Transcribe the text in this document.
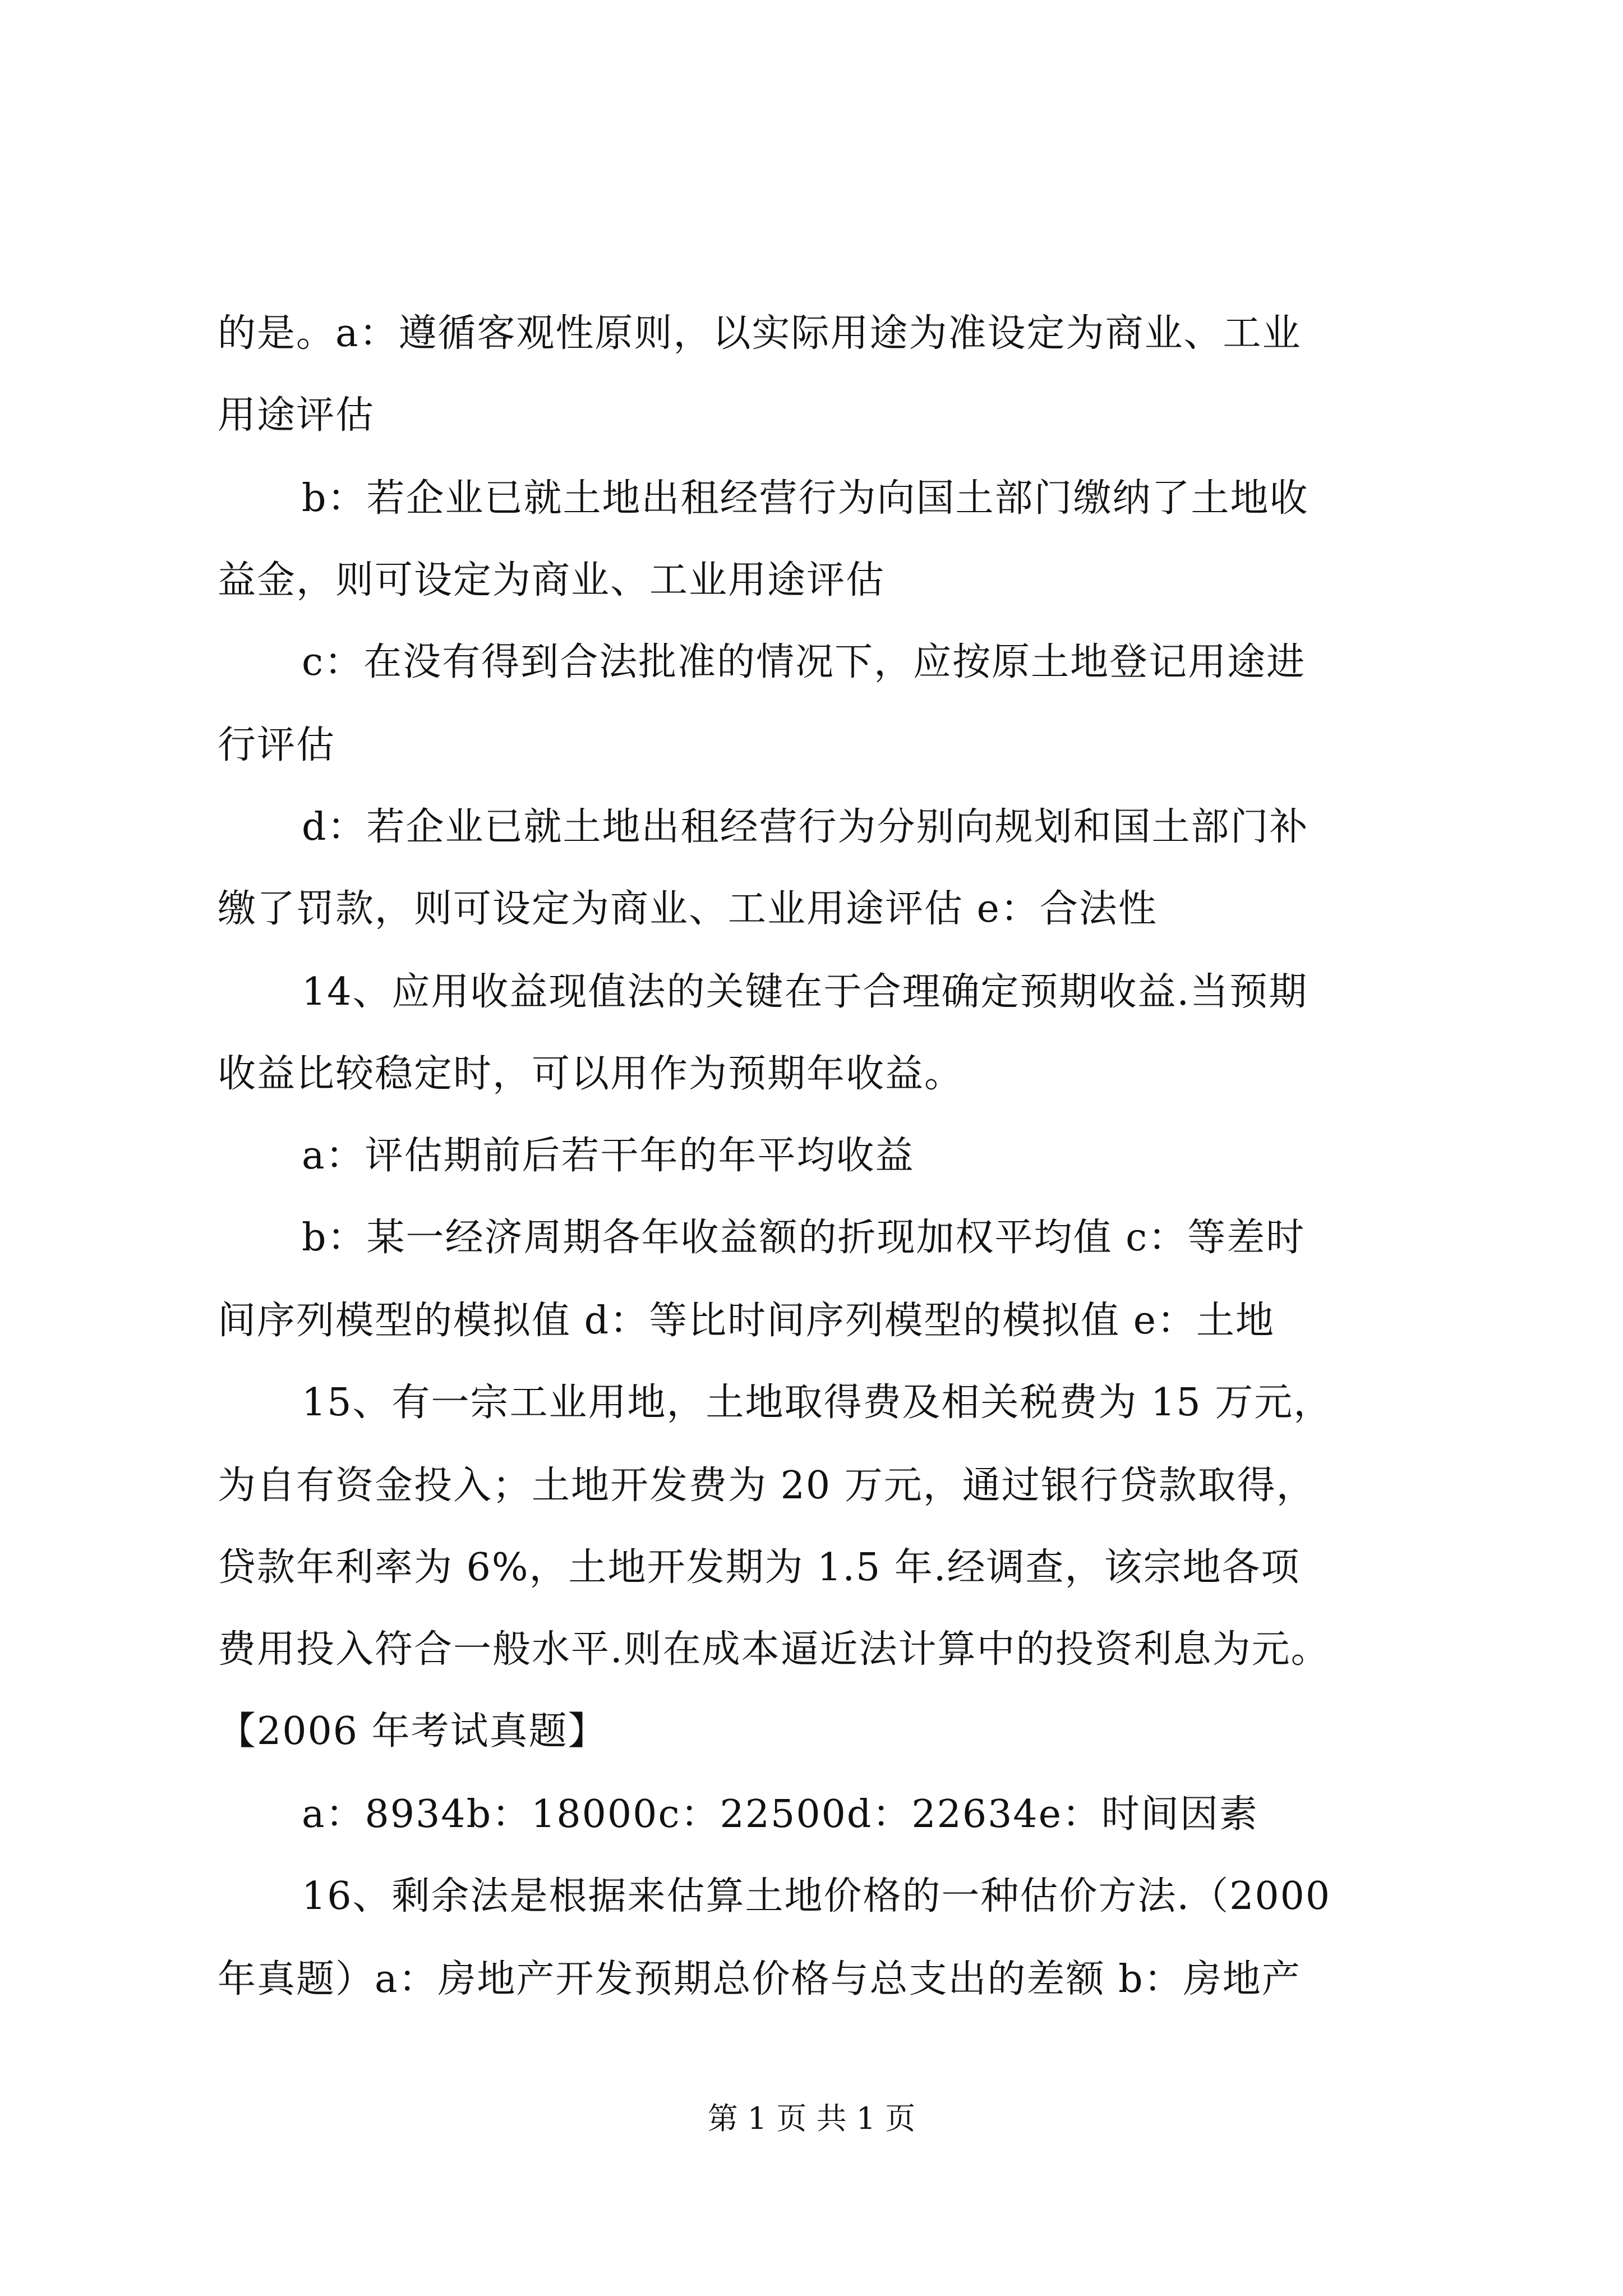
的是。a：遵循客观性原则，以实际用途为准设定为商业、工业
用途评估
b：若企业已就土地出租经营行为向国土部门缴纳了土地收
益金，则可设定为商业、工业用途评估
c：在没有得到合法批准的情况下，应按原土地登记用途进
行评估
d：若企业已就土地出租经营行为分别向规划和国土部门补
缴了罚款，则可设定为商业、工业用途评估 e：合法性
14、应用收益现值法的关键在于合理确定预期收益.当预期
收益比较稳定时，可以用作为预期年收益。
a：评估期前后若干年的年平均收益
b：某一经济周期各年收益额的折现加权平均值 c：等差时
间序列模型的模拟值 d：等比时间序列模型的模拟值 e：土地
15、有一宗工业用地，土地取得费及相关税费为 15 万元，
为自有资金投入；土地开发费为 20 万元，通过银行贷款取得，
贷款年利率为 6%，土地开发期为 1.5 年.经调查，该宗地各项
费用投入符合一般水平.则在成本逼近法计算中的投资利息为元。
【2006 年考试真题】
a：8934b：18000c：22500d：22634e：时间因素
16、剩余法是根据来估算土地价格的一种估价方法.（2000
年真题）a：房地产开发预期总价格与总支出的差额 b：房地产
第 1 页 共 1 页
